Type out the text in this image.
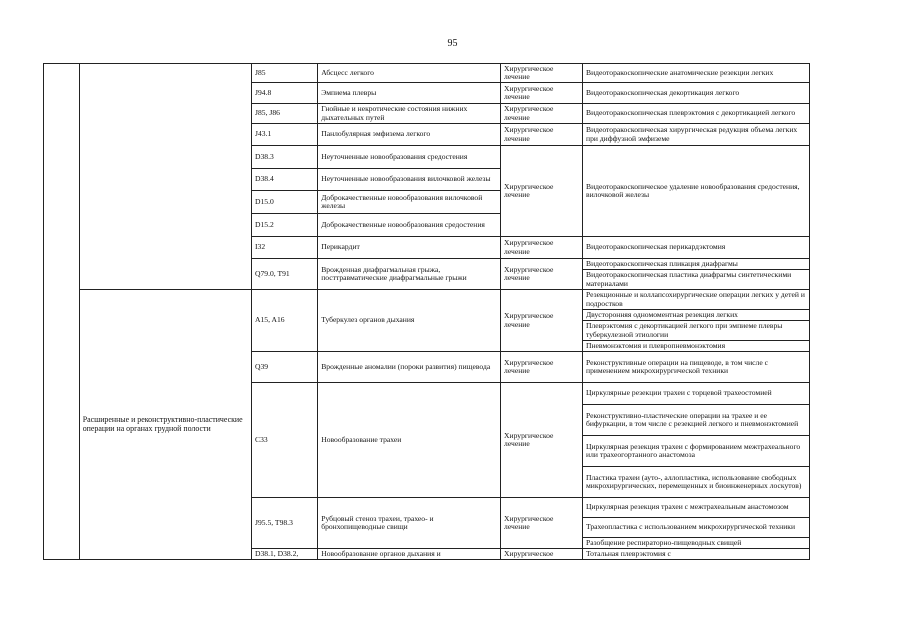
95
		J85	Абсцесс легкого	Хирургическое лечение	Видеоторакоскопические анатомические резекции легких
		J94.8	Эмпиема плевры	Хирургическое лечение	Видеоторакоскопическая декортикация легкого
		J85, J86	Гнойные и некротические состояния нижних дыхательных путей	Хирургическое лечение	Видеоторакоскопическая плеврэктомия с декортикацией легкого
		J43.1	Панлобулярная эмфизема легкого	Хирургическое лечение	Видеоторакоскопическая хирургическая редукция объема легких при диффузной эмфиземе
		D38.3	Неуточненные новообразования средостения	Хирургическое лечение	Видеоторакоскопическое удаление новообразования средостения, вилочковой железы
		D38.4	Неуточненные новообразования вилочковой железы		
		D15.0	Доброкачественные новообразования вилочковой железы		
		D15.2	Доброкачественные новообразования средостения		
		I32	Перикардит	Хирургическое лечение	Видеоторакоскопическая перикардэктомия
		Q79.0, T91	Врожденная диафрагмальная грыжа, посттравматические диафрагмальные грыжи	Хирургическое лечение	Видеоторакоскопическая пликация диафрагмы
					Видеоторакоскопическая пластика диафрагмы синтетическими материалами
	Расширенные и реконструктивно-пластические операции на органах грудной полости	A15, A16	Туберкулез органов дыхания	Хирургическое лечение	Резекционные и коллапсохирургические операции легких у детей и подростков
					Двусторонняя одномоментная резекция легких
					Плеврэктомия с декортикацией легкого при эмпиеме плевры туберкулезной этиологии
					Пневмонэктомия и плевропневмонэктомия
		Q39	Врожденные аномалии (пороки развития) пищевода	Хирургическое лечение	Реконструктивные операции на пищеводе, в том числе с применением микрохирургической техники
		C33	Новообразование трахеи	Хирургическое лечение	Циркулярные резекции трахеи с торцевой трахеостомией
					Реконструктивно-пластические операции на трахее и ее бифуркации, в том числе с резекцией легкого и пневмонэктомией
					Циркулярная резекция трахеи с формированием межтрахеального или трахеогортанного анастомоза
					Пластика трахеи (ауто-, аллопластика, использование свободных микрохирургических, перемещенных и биоинженерных лоскутов)
		J95.5, T98.3	Рубцовый стеноз трахеи, трахео- и бронхопищеводные свищи	Хирургическое лечение	Циркулярная резекция трахеи с межтрахеальным анастомозом
					Трахеопластика с использованием микрохирургической техники
					Разобщение респираторно-пищеводных свищей
		D38.1, D38.2,	Новообразование органов дыхания и	Хирургическое	Тотальная плеврэктомия с
